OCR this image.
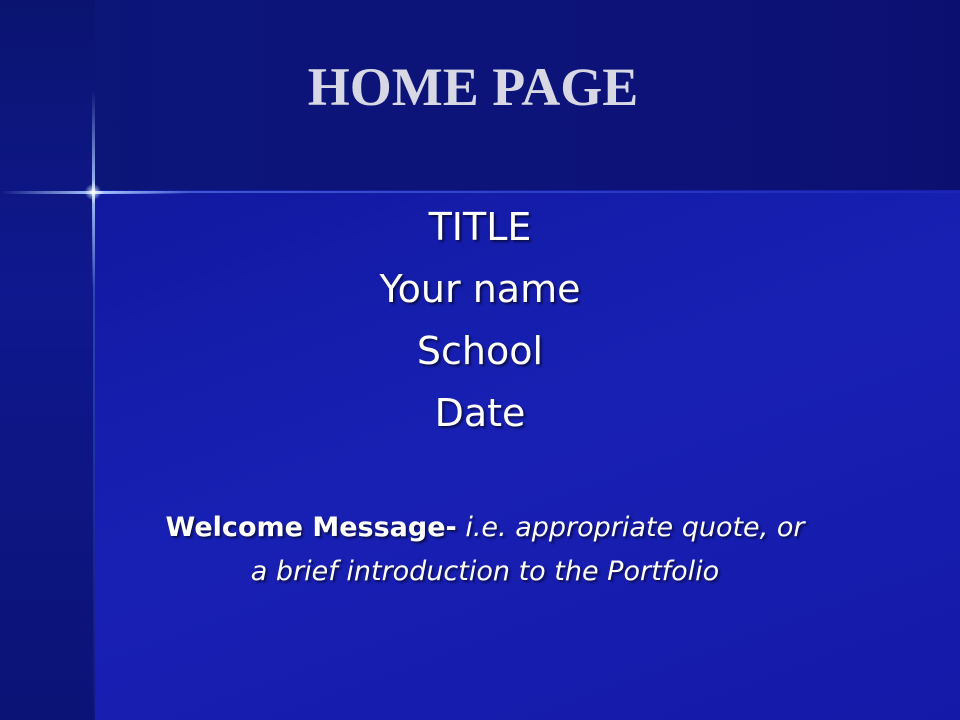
HOME PAGE
TITLE
Your name
School
Date
Welcome Message- i.e. appropriate quote, or
a brief introduction to the Portfolio
